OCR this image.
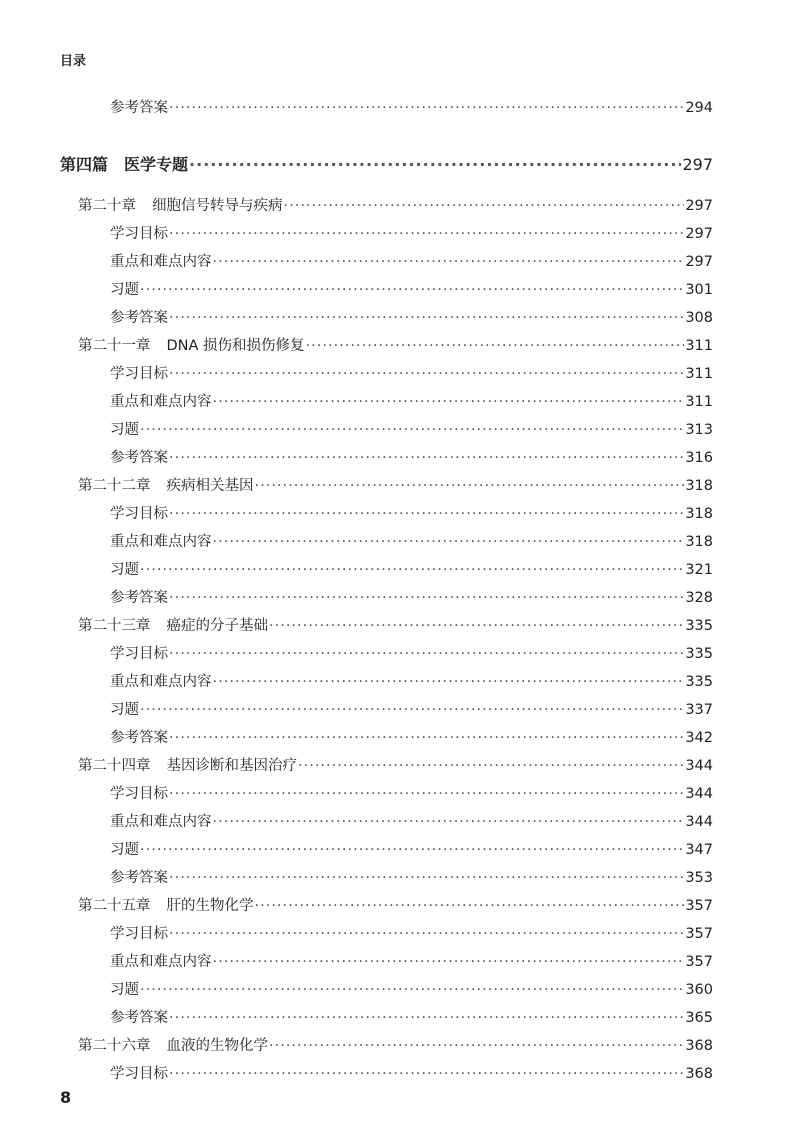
目录
参考答案 ·····	294
第四篇 医学专题 ·····	297
第二十章 细胞信号转导与疾病 ·····	297
学习目标 ·····	297
重点和难点内容 ·····	297
习题 ·····	301
参考答案 ·····	308
第二十一章 DNA 损伤和损伤修复 ·····	311
学习目标 ·····	311
重点和难点内容 ·····	311
习题 ·····	313
参考答案 ·····	316
第二十二章 疾病相关基因 ·····	318
学习目标 ·····	318
重点和难点内容 ·····	318
习题 ·····	321
参考答案 ·····	328
第二十三章 癌症的分子基础 ·····	335
学习目标 ·····	335
重点和难点内容 ·····	335
习题 ·····	337
参考答案 ·····	342
第二十四章 基因诊断和基因治疗 ·····	344
学习目标 ·····	344
重点和难点内容 ·····	344
习题 ·····	347
参考答案 ·····	353
第二十五章 肝的生物化学 ·····	357
学习目标 ·····	357
重点和难点内容 ·····	357
习题 ·····	360
参考答案 ·····	365
第二十六章 血液的生物化学 ·····	368
学习目标 ·····	368
8
